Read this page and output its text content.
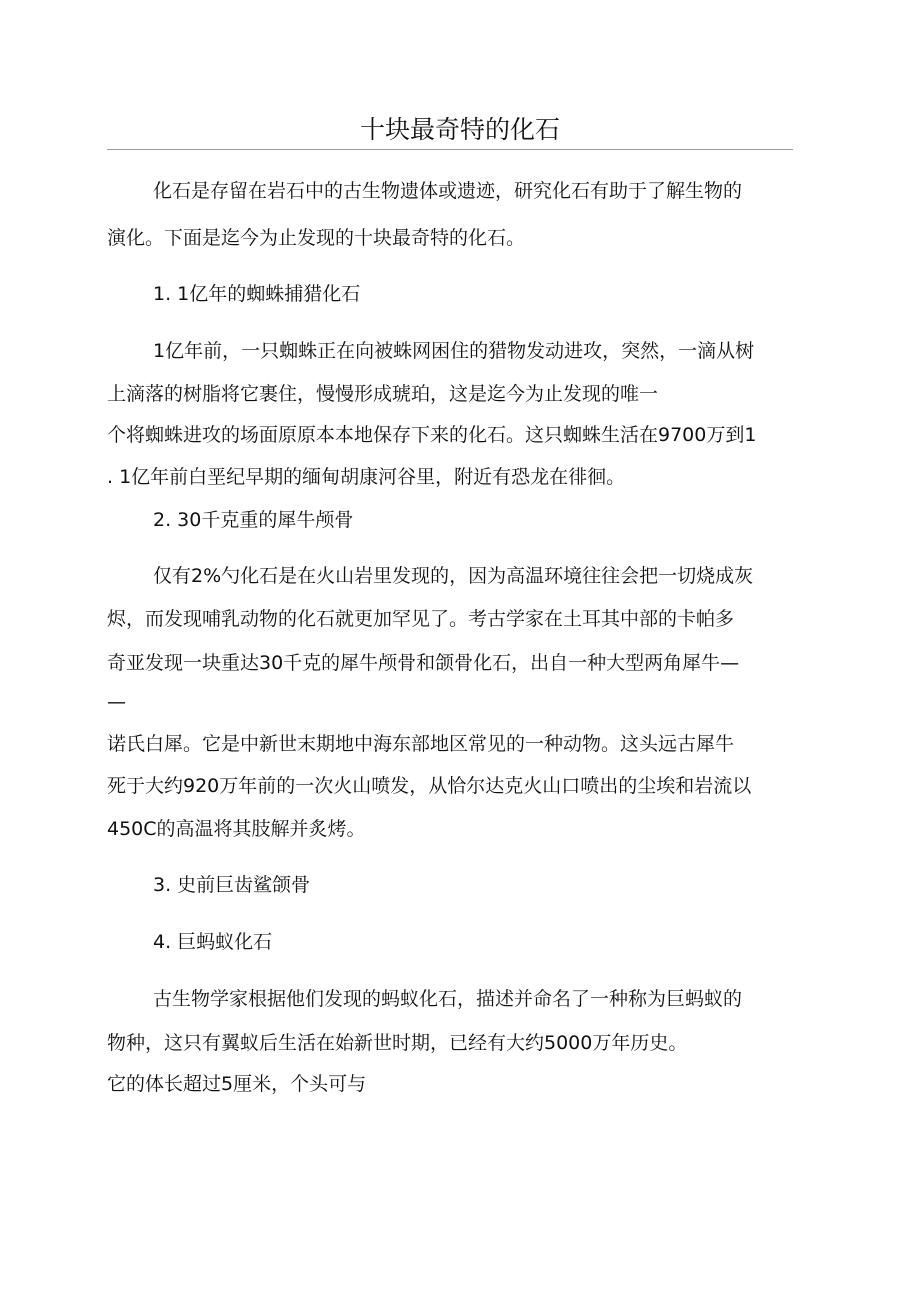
十块最奇特的化石
化石是存留在岩石中的古生物遗体或遗迹，研究化石有助于了解生物的
演化。下面是迄今为止发现的十块最奇特的化石。
1. 1亿年的蜘蛛捕猎化石
1亿年前，一只蜘蛛正在向被蛛网困住的猎物发动进攻，突然，一滴从树
上滴落的树脂将它裹住，慢慢形成琥珀，这是迄今为止发现的唯一
个将蜘蛛进攻的场面原原本本地保存下来的化石。这只蜘蛛生活在9700万到1
. 1亿年前白垩纪早期的缅甸胡康河谷里，附近有恐龙在徘徊。
2. 30千克重的犀牛颅骨
仅有2%勺化石是在火山岩里发现的，因为高温环境往往会把一切烧成灰
烬，而发现哺乳动物的化石就更加罕见了。考古学家在土耳其中部的卡帕多
奇亚发现一块重达30千克的犀牛颅骨和颌骨化石，出自一种大型两角犀牛—
—
诺氏白犀。它是中新世末期地中海东部地区常见的一种动物。这头远古犀牛
死于大约920万年前的一次火山喷发，从恰尔达克火山口喷出的尘埃和岩流以
450C的高温将其肢解并炙烤。
3. 史前巨齿鲨颌骨
4. 巨蚂蚁化石
古生物学家根据他们发现的蚂蚁化石，描述并命名了一种称为巨蚂蚁的
物种，这只有翼蚁后生活在始新世时期，已经有大约5000万年历史。
它的体长超过5厘米，个头可与
